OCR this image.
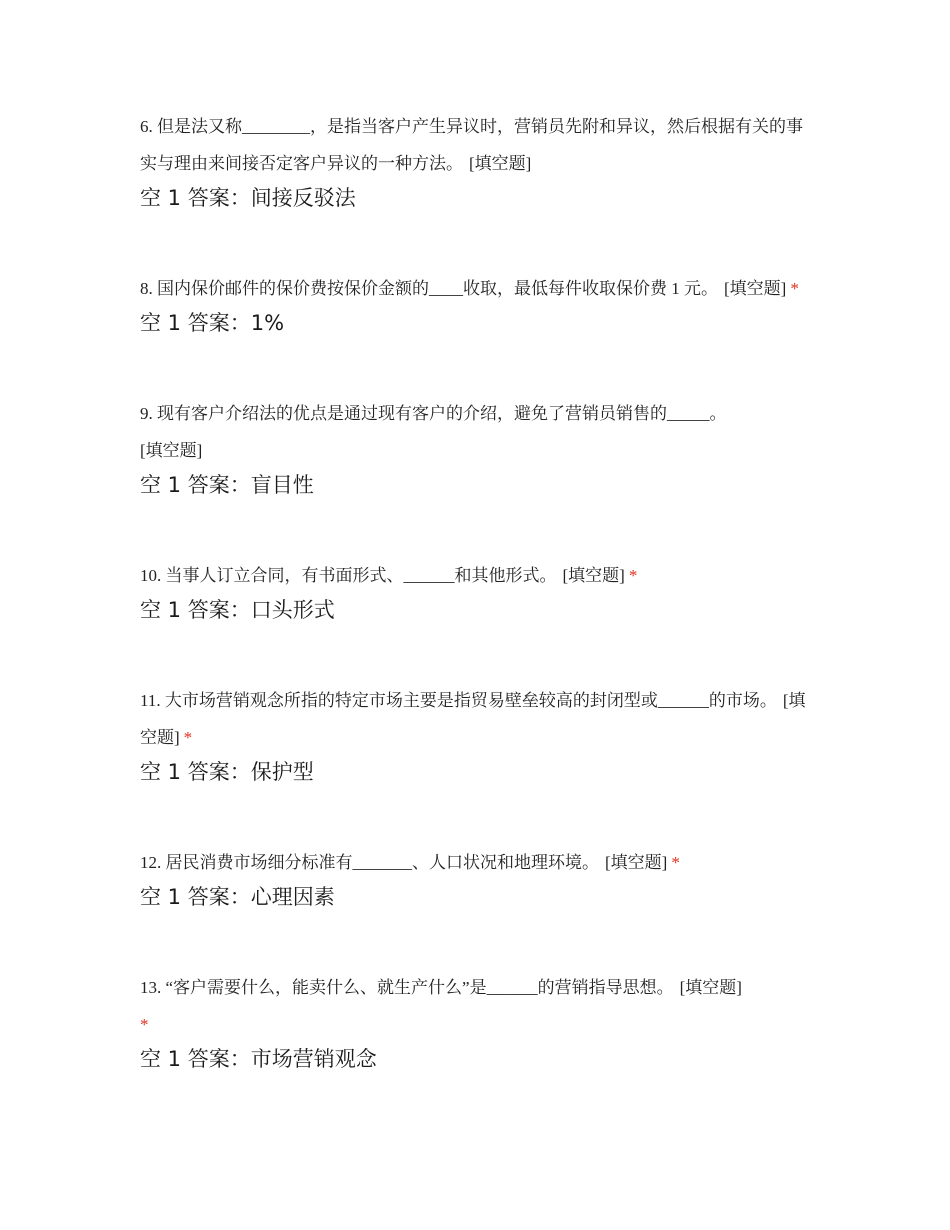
6. 但是法又称________，是指当客户产生异议时，营销员先附和异议，然后根据有关的事实与理由来间接否定客户异议的一种方法。 [填空题]
空 1 答案：间接反驳法
8. 国内保价邮件的保价费按保价金额的____收取，最低每件收取保价费 1 元。 [填空题] *
空 1 答案：1%
9. 现有客户介绍法的优点是通过现有客户的介绍，避免了营销员销售的_____。
[填空题]
空 1 答案：盲目性
10. 当事人订立合同，有书面形式、______和其他形式。 [填空题] *
空 1 答案：口头形式
11. 大市场营销观念所指的特定市场主要是指贸易壁垒较高的封闭型或______的市场。 [填空题] *
空 1 答案：保护型
12. 居民消费市场细分标准有_______、人口状况和地理环境。 [填空题] *
空 1 答案：心理因素
13. “客户需要什么，能卖什么、就生产什么”是______的营销指导思想。 [填空题]
*
空 1 答案：市场营销观念
